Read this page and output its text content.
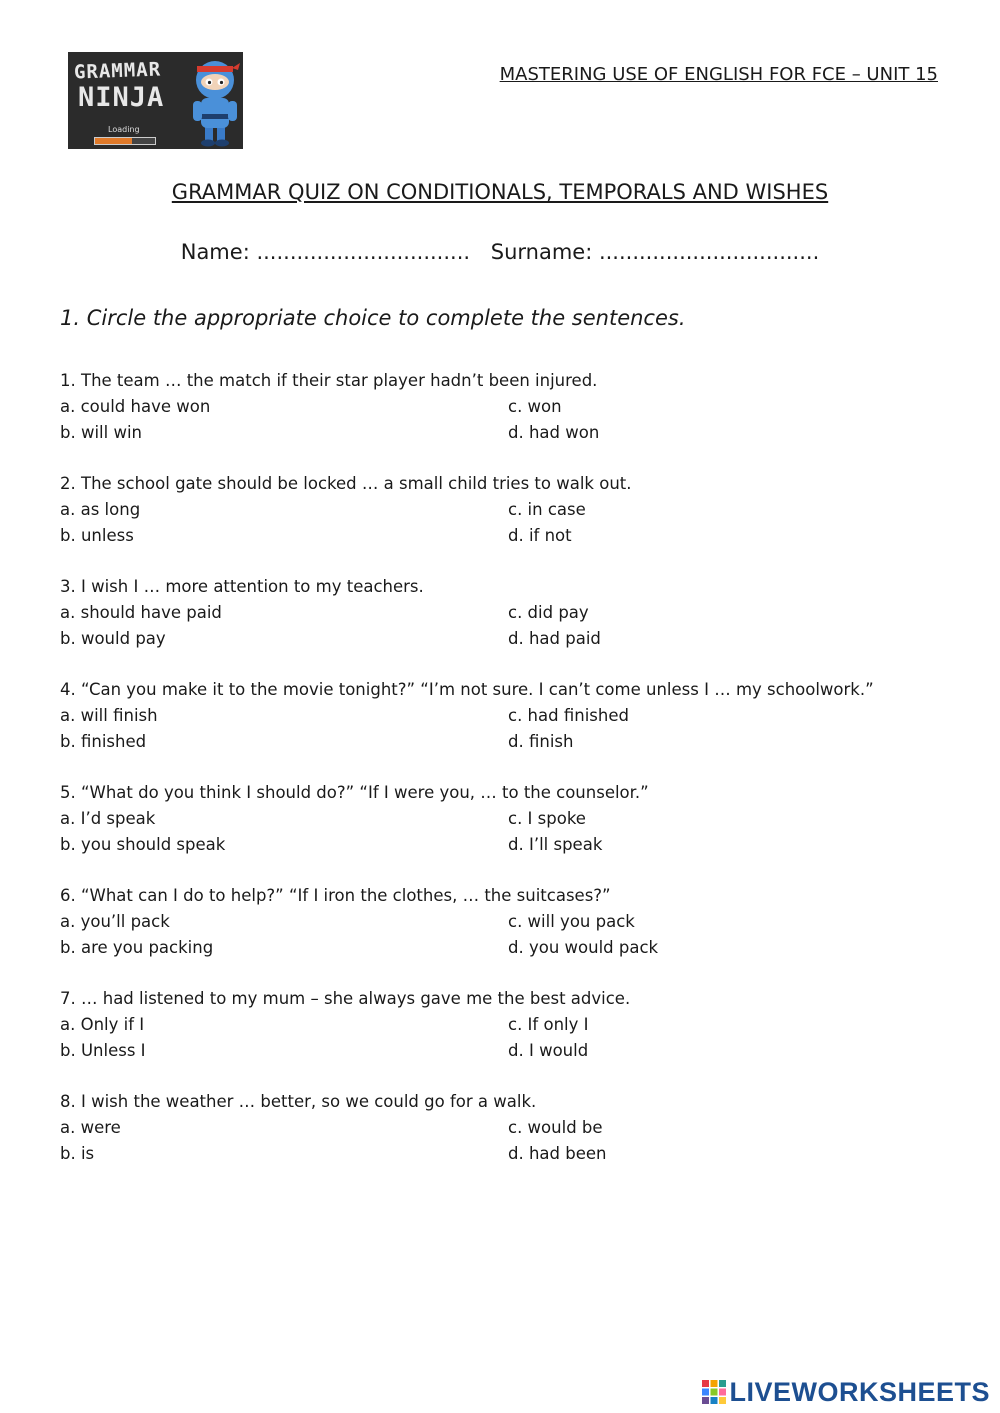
GRAMMAR
NINJA
Loading
MASTERING USE OF ENGLISH FOR FCE – UNIT 15
GRAMMAR QUIZ ON CONDITIONALS, TEMPORALS AND WISHES
Name: ................................ Surname: .................................
1. Circle the appropriate choice to complete the sentences.
1. The team … the match if their star player hadn’t been injured.
a. could have won	c. won
b. will win	d. had won
2. The school gate should be locked … a small child tries to walk out.
a. as long	c. in case
b. unless	d. if not
3. I wish I … more attention to my teachers.
a. should have paid	c. did pay
b. would pay	d. had paid
4. “Can you make it to the movie tonight?” “I’m not sure. I can’t come unless I … my schoolwork.”
a. will finish	c. had finished
b. finished	d. finish
5. “What do you think I should do?” “If I were you, … to the counselor.”
a. I’d speak	c. I spoke
b. you should speak	d. I’ll speak
6. “What can I do to help?” “If I iron the clothes, … the suitcases?”
a. you’ll pack	c. will you pack
b. are you packing	d. you would pack
7. … had listened to my mum – she always gave me the best advice.
a. Only if I	c. If only I
b. Unless I	d. I would
8. I wish the weather … better, so we could go for a walk.
a. were	c. would be
b. is	d. had been
LIVEWORKSHEETS
